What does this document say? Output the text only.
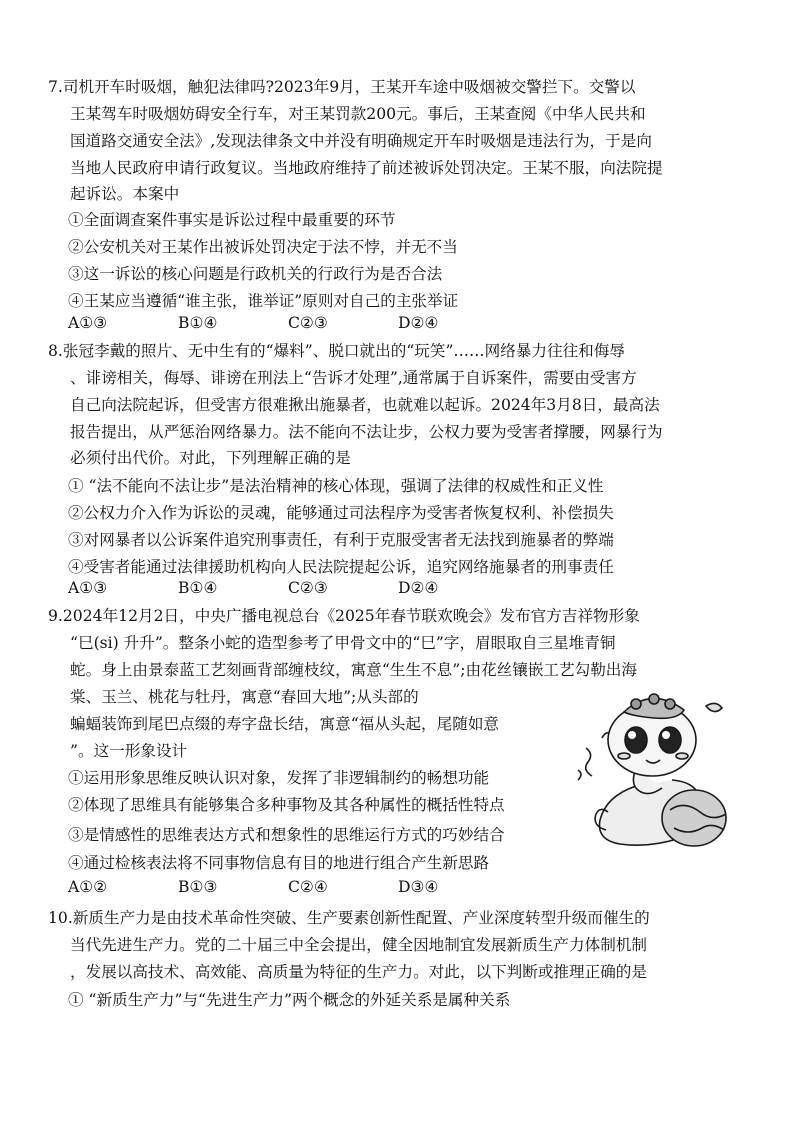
7.司机开车时吸烟，触犯法律吗?2023年9月，王某开车途中吸烟被交警拦下。交警以
王某驾车时吸烟妨碍安全行车，对王某罚款200元。事后，王某查阅《中华人民共和
国道路交通安全法》,发现法律条文中并没有明确规定开车时吸烟是违法行为，于是向
当地人民政府申请行政复议。当地政府维持了前述被诉处罚决定。王某不服，向法院提
起诉讼。本案中
①全面调查案件事实是诉讼过程中最重要的环节
②公安机关对王某作出被诉处罚决定于法不悖，并无不当
③这一诉讼的核心问题是行政机关的行政行为是否合法
④王某应当遵循“谁主张，谁举证”原则对自己的主张举证
A①③	B①④	C②③	D②④
8.张冠李戴的照片、无中生有的“爆料”、脱口就出的“玩笑”……网络暴力往往和侮辱
、诽谤相关，侮辱、诽谤在刑法上“告诉才处理”,通常属于自诉案件，需要由受害方
自己向法院起诉，但受害方很难揪出施暴者，也就难以起诉。2024年3月8日，最高法
报告提出，从严惩治网络暴力。法不能向不法让步，公权力要为受害者撑腰，网暴行为
必须付出代价。对此，下列理解正确的是
① “法不能向不法让步”是法治精神的核心体现，强调了法律的权威性和正义性
②公权力介入作为诉讼的灵魂，能够通过司法程序为受害者恢复权利、补偿损失
③对网暴者以公诉案件追究刑事责任，有利于克服受害者无法找到施暴者的弊端
④受害者能通过法律援助机构向人民法院提起公诉，追究网络施暴者的刑事责任
A①③	B①④	C②③	D②④
9.2024年12月2日，中央广播电视总台《2025年春节联欢晚会》发布官方吉祥物形象
“巳(si) 升升”。整条小蛇的造型参考了甲骨文中的“巳”字，眉眼取自三星堆青铜
蛇。身上由景泰蓝工艺刻画背部缠枝纹，寓意“生生不息”;由花丝镶嵌工艺勾勒出海
棠、玉兰、桃花与牡丹，寓意“春回大地”;从头部的
蝙蝠装饰到尾巴点缀的寿字盘长结，寓意“福从头起，尾随如意
”。这一形象设计
①运用形象思维反映认识对象，发挥了非逻辑制约的畅想功能
②体现了思维具有能够集合多种事物及其各种属性的概括性特点
③是情感性的思维表达方式和想象性的思维运行方式的巧妙结合
④通过检核表法将不同事物信息有目的地进行组合产生新思路
A①②	B①③	C②④	D③④
10.新质生产力是由技术革命性突破、生产要素创新性配置、产业深度转型升级而催生的
当代先进生产力。党的二十届三中全会提出，健全因地制宜发展新质生产力体制机制
，发展以高技术、高效能、高质量为特征的生产力。对此，以下判断或推理正确的是
① “新质生产力”与“先进生产力”两个概念的外延关系是属种关系
